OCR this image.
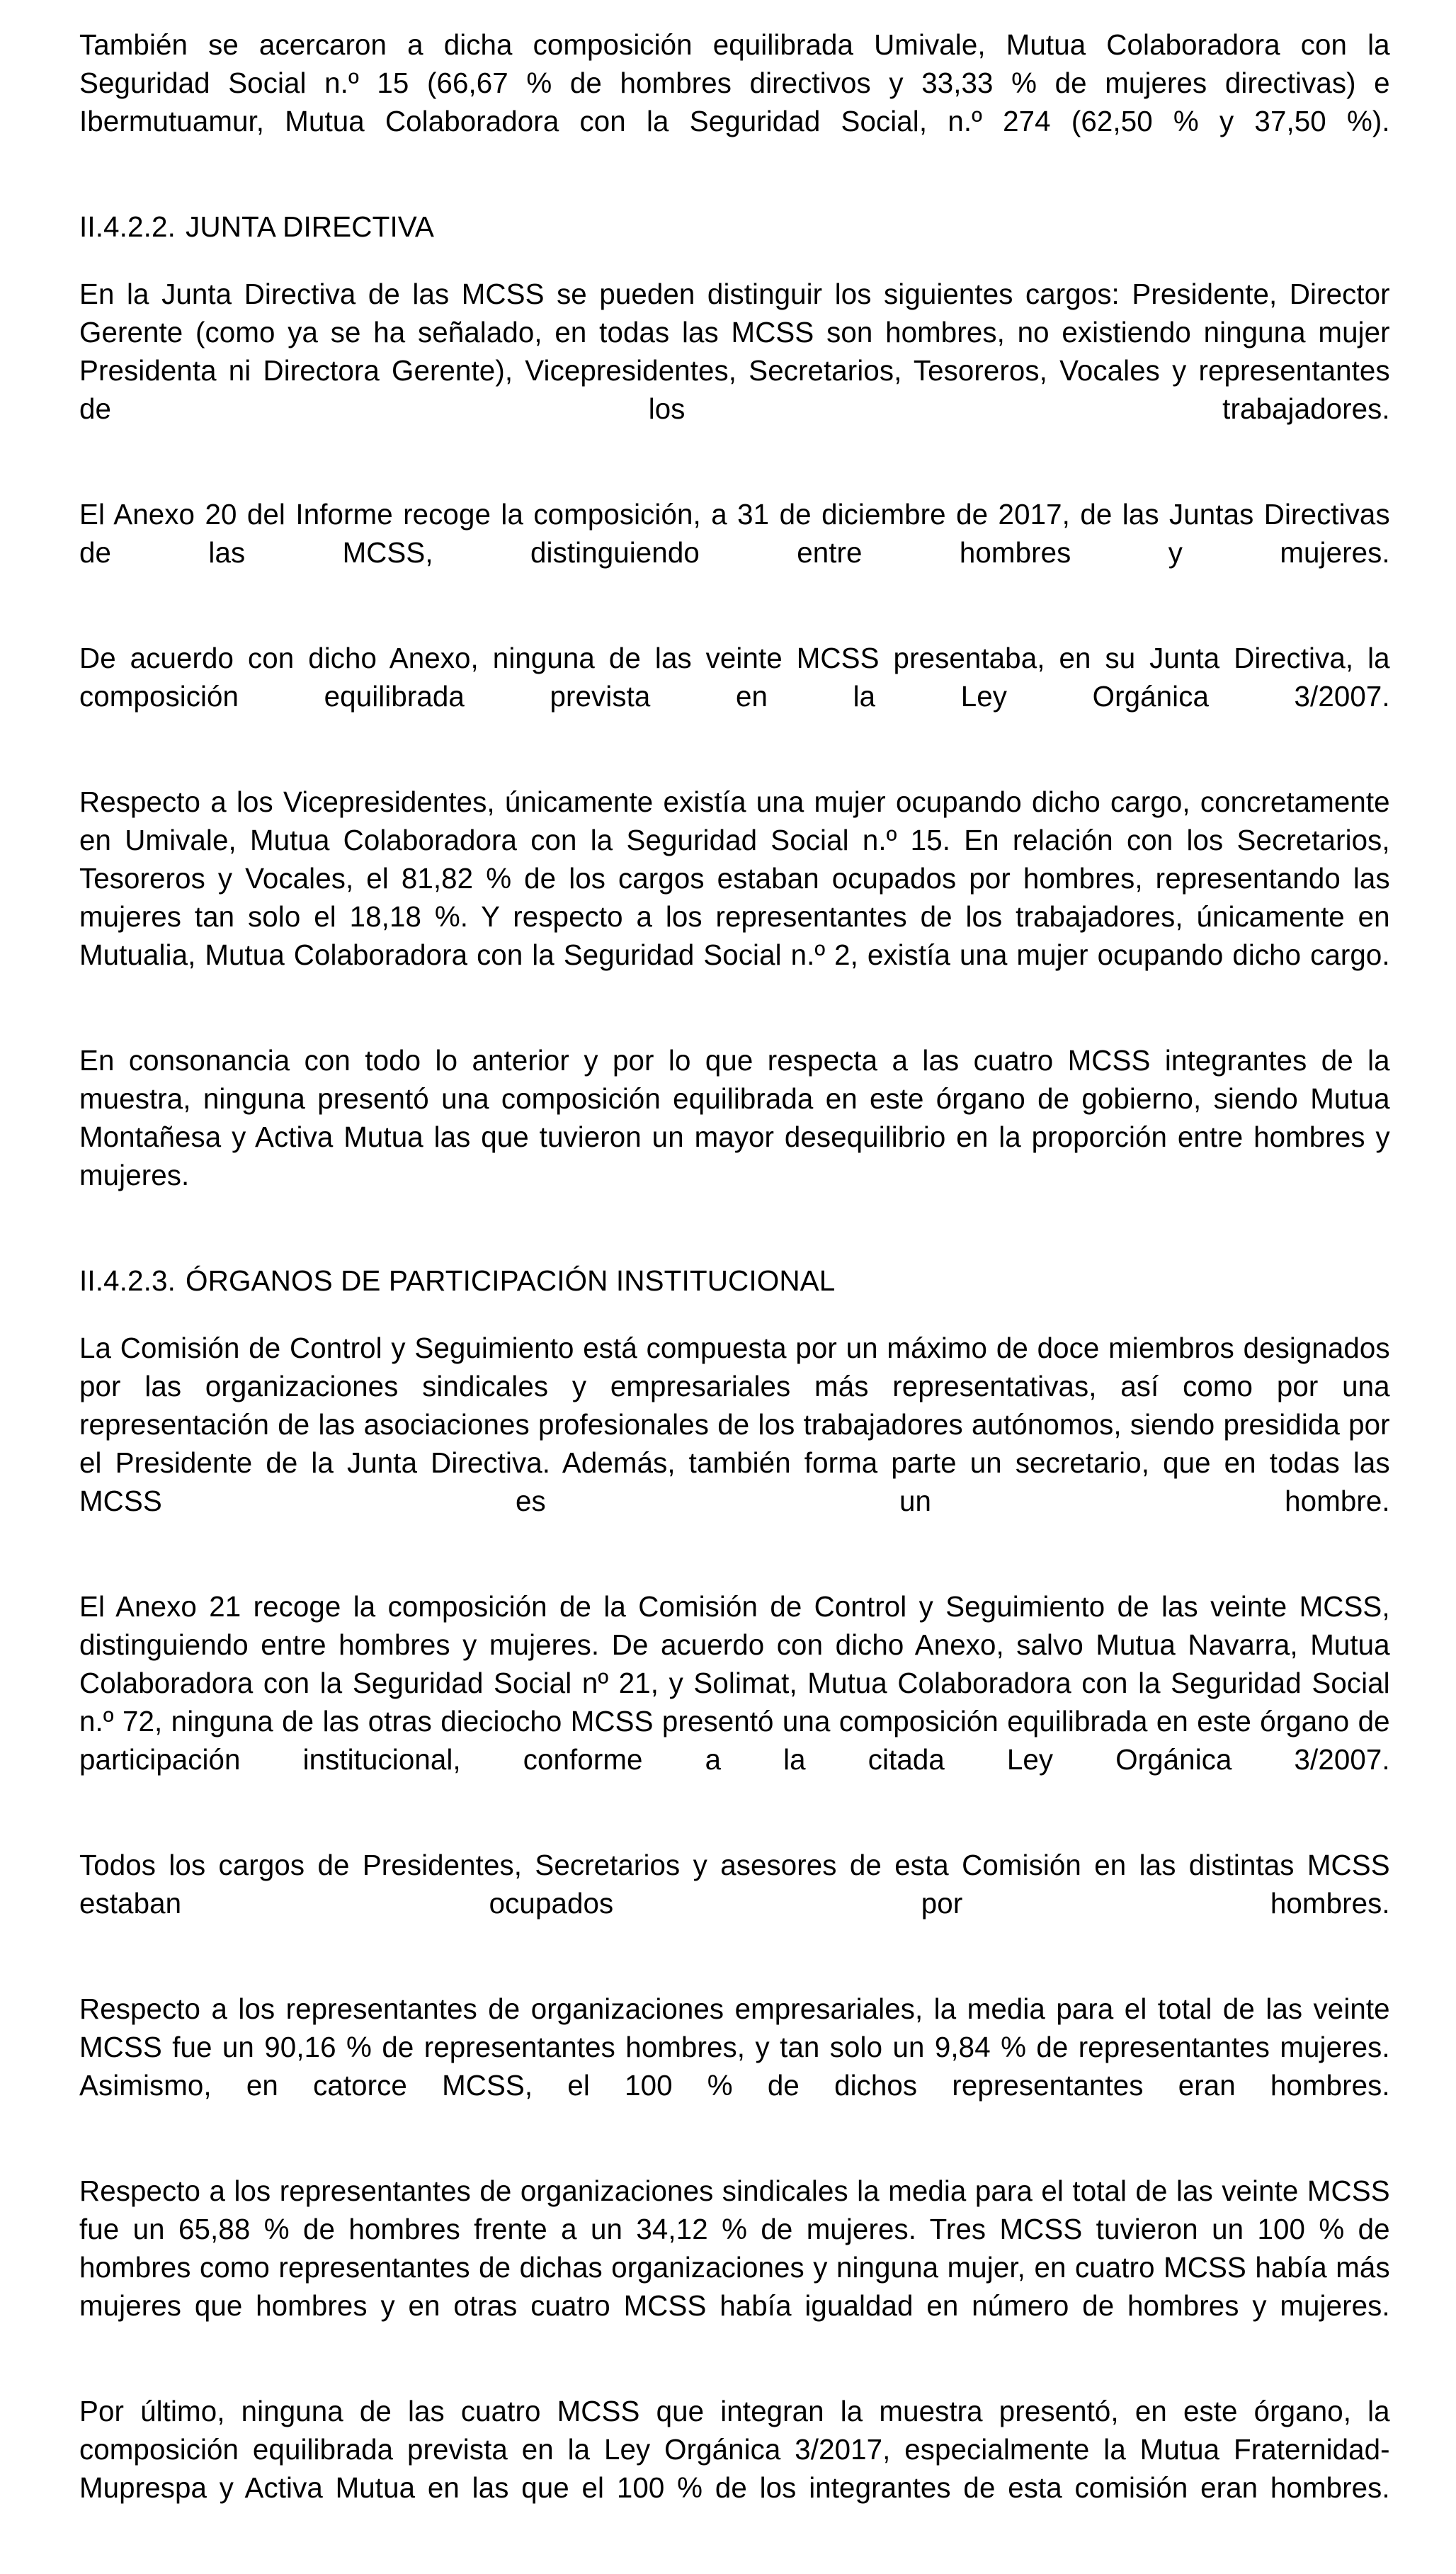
También se acercaron a dicha composición equilibrada Umivale, Mutua Colaboradora con la Seguridad Social n.º 15 (66,67 % de hombres directivos y 33,33 % de mujeres directivas) e Ibermutuamur, Mutua Colaboradora con la Seguridad Social, n.º 274 (62,50 % y 37,50 %).

II.4.2.2. JUNTA DIRECTIVA

En la Junta Directiva de las MCSS se pueden distinguir los siguientes cargos: Presidente, Director Gerente (como ya se ha señalado, en todas las MCSS son hombres, no existiendo ninguna mujer Presidenta ni Directora Gerente), Vicepresidentes, Secretarios, Tesoreros, Vocales y representantes de los trabajadores.

El Anexo 20 del Informe recoge la composición, a 31 de diciembre de 2017, de las Juntas Directivas de las MCSS, distinguiendo entre hombres y mujeres.

De acuerdo con dicho Anexo, ninguna de las veinte MCSS presentaba, en su Junta Directiva, la composición equilibrada prevista en la Ley Orgánica 3/2007.

Respecto a los Vicepresidentes, únicamente existía una mujer ocupando dicho cargo, concretamente en Umivale, Mutua Colaboradora con la Seguridad Social n.º 15. En relación con los Secretarios, Tesoreros y Vocales, el 81,82 % de los cargos estaban ocupados por hombres, representando las mujeres tan solo el 18,18 %. Y respecto a los representantes de los trabajadores, únicamente en Mutualia, Mutua Colaboradora con la Seguridad Social n.º 2, existía una mujer ocupando dicho cargo.

En consonancia con todo lo anterior y por lo que respecta a las cuatro MCSS integrantes de la muestra, ninguna presentó una composición equilibrada en este órgano de gobierno, siendo Mutua Montañesa y Activa Mutua las que tuvieron un mayor desequilibrio en la proporción entre hombres y mujeres.

II.4.2.3. ÓRGANOS DE PARTICIPACIÓN INSTITUCIONAL

La Comisión de Control y Seguimiento está compuesta por un máximo de doce miembros designados por las organizaciones sindicales y empresariales más representativas, así como por una representación de las asociaciones profesionales de los trabajadores autónomos, siendo presidida por el Presidente de la Junta Directiva. Además, también forma parte un secretario, que en todas las MCSS es un hombre.

El Anexo 21 recoge la composición de la Comisión de Control y Seguimiento de las veinte MCSS, distinguiendo entre hombres y mujeres. De acuerdo con dicho Anexo, salvo Mutua Navarra, Mutua Colaboradora con la Seguridad Social nº 21, y Solimat, Mutua Colaboradora con la Seguridad Social n.º 72, ninguna de las otras dieciocho MCSS presentó una composición equilibrada en este órgano de participación institucional, conforme a la citada Ley Orgánica 3/2007.

Todos los cargos de Presidentes, Secretarios y asesores de esta Comisión en las distintas MCSS estaban ocupados por hombres.

Respecto a los representantes de organizaciones empresariales, la media para el total de las veinte MCSS fue un 90,16 % de representantes hombres, y tan solo un 9,84 % de representantes mujeres. Asimismo, en catorce MCSS, el 100 % de dichos representantes eran hombres.

Respecto a los representantes de organizaciones sindicales la media para el total de las veinte MCSS fue un 65,88 % de hombres frente a un 34,12 % de mujeres. Tres MCSS tuvieron un 100 % de hombres como representantes de dichas organizaciones y ninguna mujer, en cuatro MCSS había más mujeres que hombres y en otras cuatro MCSS había igualdad en número de hombres y mujeres.

Por último, ninguna de las cuatro MCSS que integran la muestra presentó, en este órgano, la composición equilibrada prevista en la Ley Orgánica 3/2017, especialmente la Mutua Fraternidad-Muprespa y Activa Mutua en las que el 100 % de los integrantes de esta comisión eran hombres.
